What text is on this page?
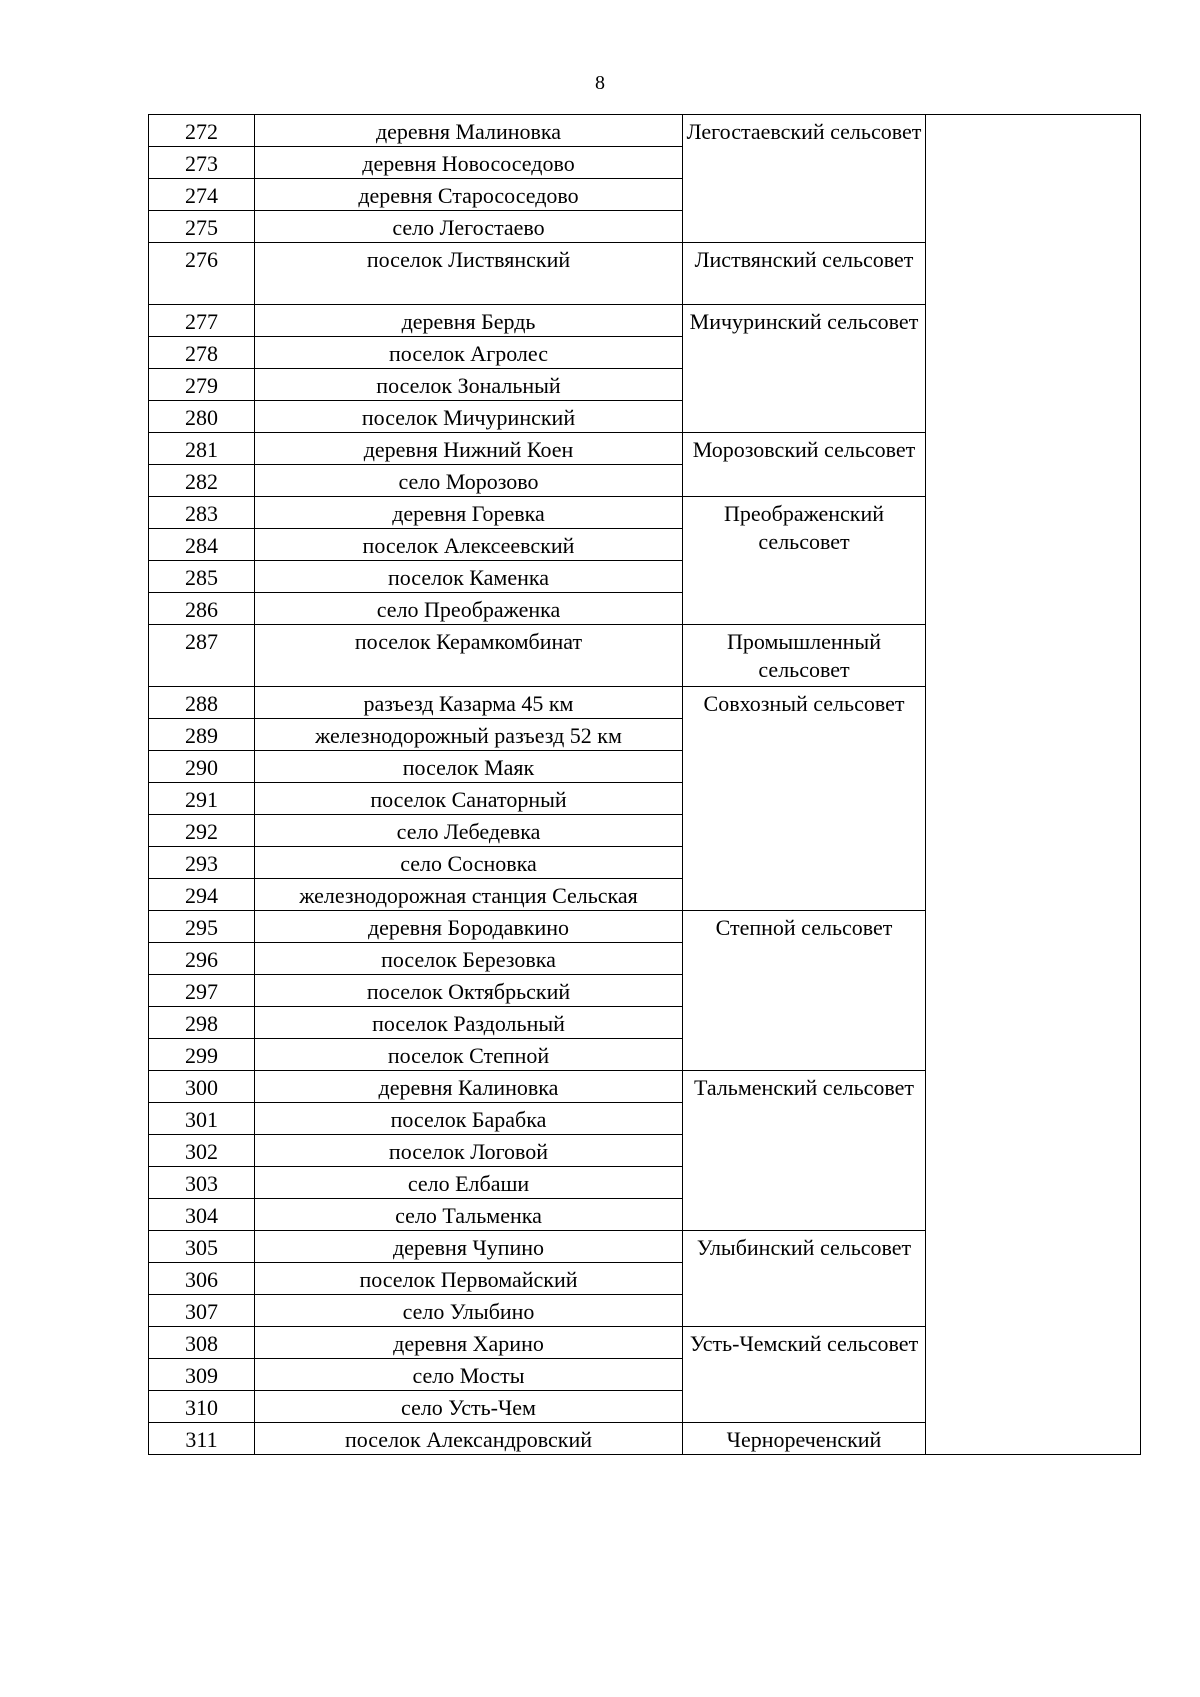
8
272	деревня Малиновка	Легостаевский сельсовет	
273	деревня Новососедово		
274	деревня Старососедово		
275	село Легостаево		
276	поселок Листвянский	Листвянский сельсовет	
277	деревня Бердь	Мичуринский сельсовет	
278	поселок Агролес		
279	поселок Зональный		
280	поселок Мичуринский		
281	деревня Нижний Коен	Морозовский сельсовет	
282	село Морозово		
283	деревня Горевка	Преображенский сельсовет	
284	поселок Алексеевский		
285	поселок Каменка		
286	село Преображенка		
287	поселок Керамкомбинат	Промышленный сельсовет	
288	разъезд Казарма 45 км	Совхозный сельсовет	
289	железнодорожный разъезд 52 км		
290	поселок Маяк		
291	поселок Санаторный		
292	село Лебедевка		
293	село Сосновка		
294	железнодорожная станция Сельская		
295	деревня Бородавкино	Степной сельсовет	
296	поселок Березовка		
297	поселок Октябрьский		
298	поселок Раздольный		
299	поселок Степной		
300	деревня Калиновка	Тальменский сельсовет	
301	поселок Барабка		
302	поселок Логовой		
303	село Елбаши		
304	село Тальменка		
305	деревня Чупино	Улыбинский сельсовет	
306	поселок Первомайский		
307	село Улыбино		
308	деревня Харино	Усть-Чемский сельсовет	
309	село Мосты		
310	село Усть-Чем		
311	поселок Александровский	Чернореченский	
